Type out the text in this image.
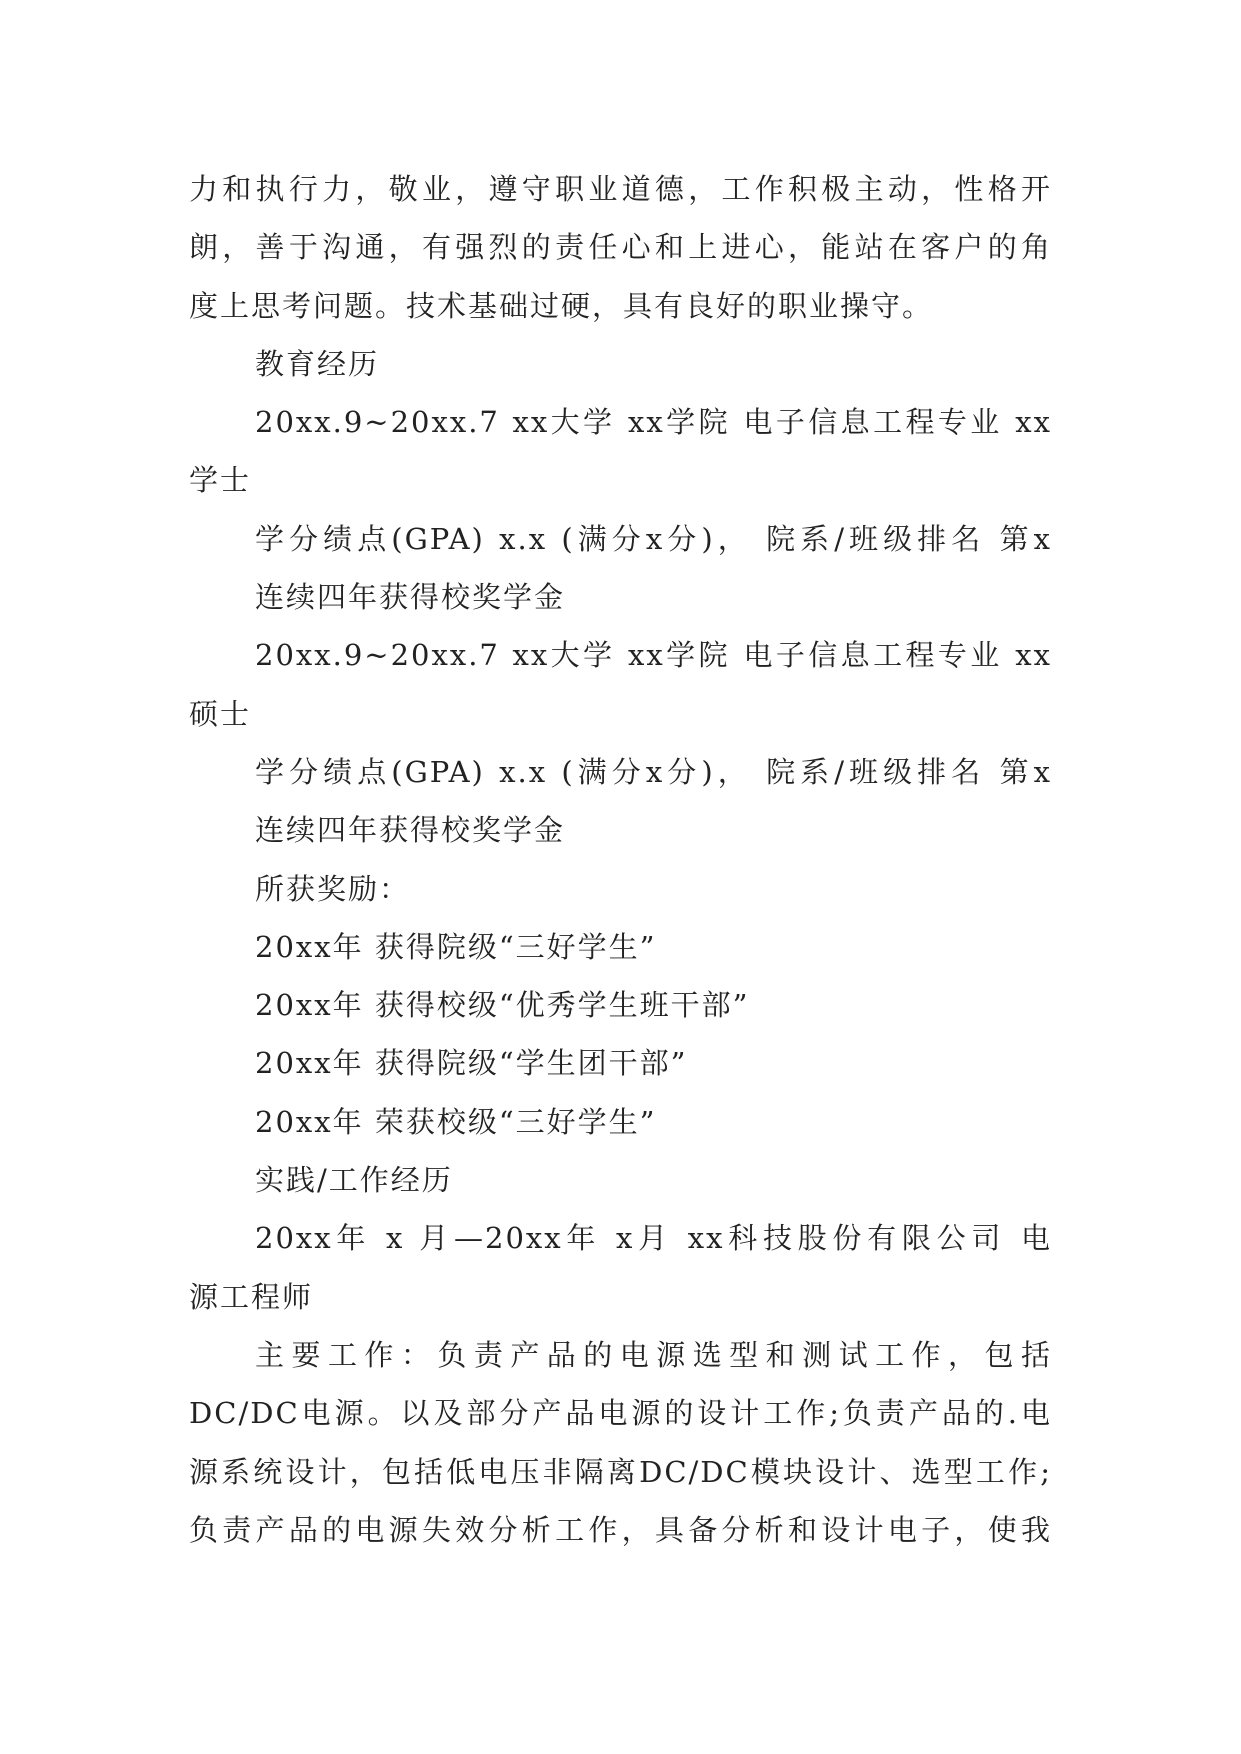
力和执行力，敬业，遵守职业道德，工作积极主动，性格开
朗，善于沟通，有强烈的责任心和上进心，能站在客户的角
度上思考问题。技术基础过硬，具有良好的职业操守。
教育经历
20xx.9~20xx.7 xx大学 xx学院 电子信息工程专业 xx
学士
学分绩点(GPA) x.x (满分x分)， 院系/班级排名 第x
连续四年获得校奖学金
20xx.9~20xx.7 xx大学 xx学院 电子信息工程专业 xx
硕士
学分绩点(GPA) x.x (满分x分)， 院系/班级排名 第x
连续四年获得校奖学金
所获奖励：
20xx年 获得院级“三好学生”
20xx年 获得校级“优秀学生班干部”
20xx年 获得院级“学生团干部”
20xx年 荣获校级“三好学生”
实践/工作经历
20xx年 x 月—20xx年 x月 xx科技股份有限公司 电
源工程师
主要工作：负责产品的电源选型和测试工作，包括
DC/DC电源。以及部分产品电源的设计工作;负责产品的.电
源系统设计，包括低电压非隔离DC/DC模块设计、选型工作;
负责产品的电源失效分析工作，具备分析和设计电子，使我
